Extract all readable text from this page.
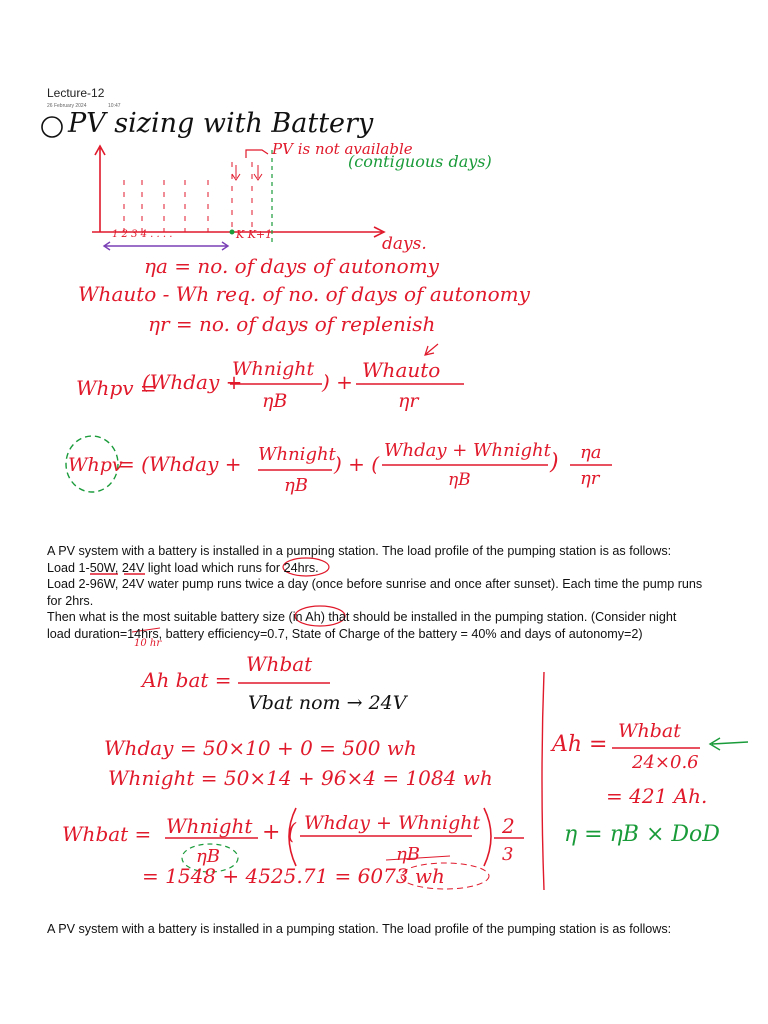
Lecture-12
26 February 2024	10:47
PV sizing with Battery
PV is not available
(contiguous days)
1 2 3 4 . . . .	K K+1	days.
ηa = no. of days of autonomy
Whauto - Wh req. of no. of days of autonomy
ηr = no. of days of replenish
Whpv =
(Whday +
Whnight
ηB
) + Whauto
ηr
Whpv
= (Whday + Whnight
ηB
) + (
Whday + Whnight
ηB
) ηa
ηr
A PV system with a battery is installed in a pumping station. The load profile of the pumping station is as follows:
Load 1-50W, 24V light load which runs for 24hrs.
Load 2-96W, 24V water pump runs twice a day (once before sunrise and once after sunset). Each time the pump runs
for 2hrs.
Then what is the most suitable battery size (in Ah) that should be installed in the pumping station. (Consider night
load duration=14hrs, battery efficiency=0.7, State of Charge of the battery = 40% and days of autonomy=2)
10 hr
Ah bat =
Whbat
Vbat nom → 24V
Whday = 50×10 + 0 = 500 wh
Whnight = 50×14 + 96×4 = 1084 wh
Whbat = Whnight
ηB
+ ( Whday + Whnight
ηB
2
3
= 1548 + 4525.71 = 6073 wh
Ah =
Whbat
24×0.6
= 421 Ah.
η = ηB × DoD
A PV system with a battery is installed in a pumping station. The load profile of the pumping station is as follows:
